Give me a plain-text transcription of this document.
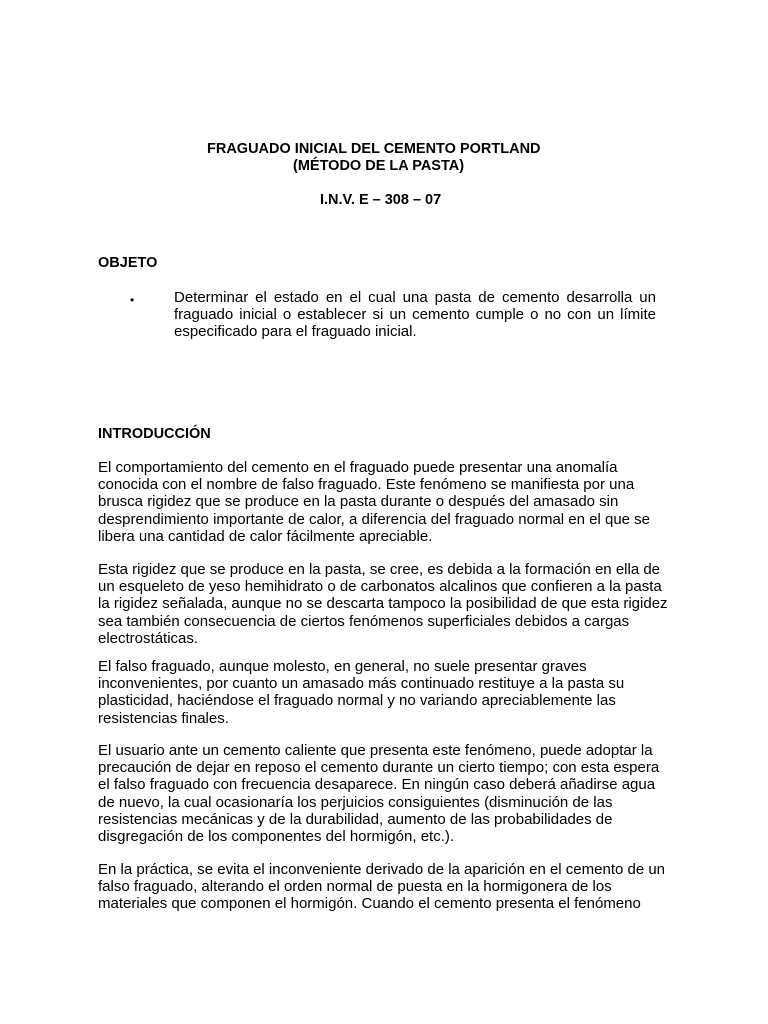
FRAGUADO INICIAL DEL CEMENTO PORTLAND
(MÉTODO DE LA PASTA)
I.N.V. E – 308 – 07
OBJETO
•	Determinar el estado en el cual una pasta de cemento desarrolla un fraguado inicial o establecer si un cemento cumple o no con un límite especificado para el fraguado inicial.
INTRODUCCIÓN

El comportamiento del cemento en el fraguado puede presentar una anomalía conocida con el nombre de falso fraguado. Este fenómeno se manifiesta por una brusca rigidez que se produce en la pasta durante o después del amasado sin desprendimiento importante de calor, a diferencia del fraguado normal en el que se libera una cantidad de calor fácilmente apreciable.

Esta rigidez que se produce en la pasta, se cree, es debida a la formación en ella de un esqueleto de yeso hemihidrato o de carbonatos alcalinos que confieren a la pasta la rigidez señalada, aunque no se descarta tampoco la posibilidad de que esta rigidez sea también consecuencia de ciertos fenómenos superficiales debidos a cargas electrostáticas.

El falso fraguado, aunque molesto, en general, no suele presentar graves inconvenientes, por cuanto un amasado más continuado restituye a la pasta su plasticidad, haciéndose el fraguado normal y no variando apreciablemente las resistencias finales.

El usuario ante un cemento caliente que presenta este fenómeno, puede adoptar la precaución de dejar en reposo el cemento durante un cierto tiempo; con esta espera el falso fraguado con frecuencia desaparece. En ningún caso deberá añadirse agua de nuevo, la cual ocasionaría los perjuicios consiguientes (disminución de las resistencias mecánicas y de la durabilidad, aumento de las probabilidades de disgregación de los componentes del hormigón, etc.).

En la práctica, se evita el inconveniente derivado de la aparición en el cemento de un falso fraguado, alterando el orden normal de puesta en la hormigonera de los materiales que componen el hormigón. Cuando el cemento presenta el fenómeno
